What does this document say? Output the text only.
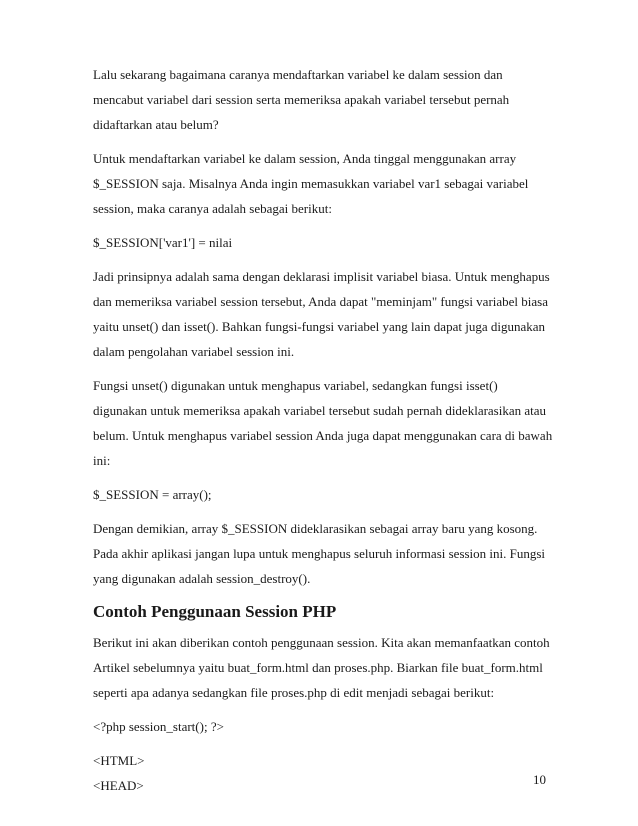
Lalu sekarang bagaimana caranya mendaftarkan variabel ke dalam session dan mencabut variabel dari session serta memeriksa apakah variabel tersebut pernah didaftarkan atau belum?

Untuk mendaftarkan variabel ke dalam session, Anda tinggal menggunakan array $_SESSION saja. Misalnya Anda ingin memasukkan variabel var1 sebagai variabel session, maka caranya adalah sebagai berikut:

$_SESSION['var1'] = nilai

Jadi prinsipnya adalah sama dengan deklarasi implisit variabel biasa. Untuk menghapus dan memeriksa variabel session tersebut, Anda dapat "meminjam" fungsi variabel biasa yaitu unset() dan isset(). Bahkan fungsi-fungsi variabel yang lain dapat juga digunakan dalam pengolahan variabel session ini.

Fungsi unset() digunakan untuk menghapus variabel, sedangkan fungsi isset() digunakan untuk memeriksa apakah variabel tersebut sudah pernah dideklarasikan atau belum. Untuk menghapus variabel session Anda juga dapat menggunakan cara di bawah ini:

$_SESSION = array();

Dengan demikian, array $_SESSION dideklarasikan sebagai array baru yang kosong. Pada akhir aplikasi jangan lupa untuk menghapus seluruh informasi session ini. Fungsi yang digunakan adalah session_destroy().

Contoh Penggunaan Session PHP

Berikut ini akan diberikan contoh penggunaan session. Kita akan memanfaatkan contoh Artikel sebelumnya yaitu buat_form.html dan proses.php. Biarkan file buat_form.html seperti apa adanya sedangkan file proses.php di edit menjadi sebagai berikut:

<?php session_start(); ?>

<HTML>
<HEAD>	10
